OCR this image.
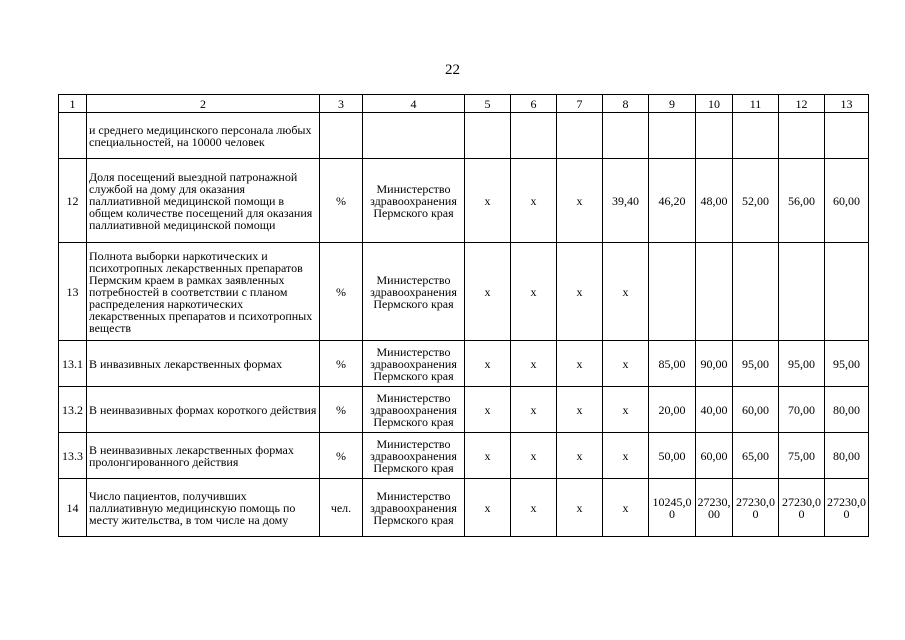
22
1	2	3	4	5	6	7	8	9	10	11	12	13
	и среднего медицинского персонала любых специальностей, на 10000 человек											
12	Доля посещений выездной патронажной службой на дому для оказания паллиативной медицинской помощи в общем количестве посещений для оказания паллиативной медицинской помощи	%	Министерство здравоохранения Пермского края	х	х	х	39,40	46,20	48,00	52,00	56,00	60,00
13	Полнота выборки наркотических и психотропных лекарственных препаратов Пермским краем в рамках заявленных потребностей в соответствии с планом распределения наркотических лекарственных препаратов и психотропных веществ	%	Министерство здравоохранения Пермского края	х	х	х	х					
13.1	В инвазивных лекарственных формах	%	Министерство здравоохранения Пермского края	х	х	х	х	85,00	90,00	95,00	95,00	95,00
13.2	В неинвазивных формах короткого действия	%	Министерство здравоохранения Пермского края	х	х	х	х	20,00	40,00	60,00	70,00	80,00
13.3	В неинвазивных лекарственных формах пролонгированного действия	%	Министерство здравоохранения Пермского края	х	х	х	х	50,00	60,00	65,00	75,00	80,00
14	Число пациентов, получивших паллиативную медицинскую помощь по месту жительства, в том числе на дому	чел.	Министерство здравоохранения Пермского края	х	х	х	х	10245,00	27230,00	27230,00	27230,00	27230,00
